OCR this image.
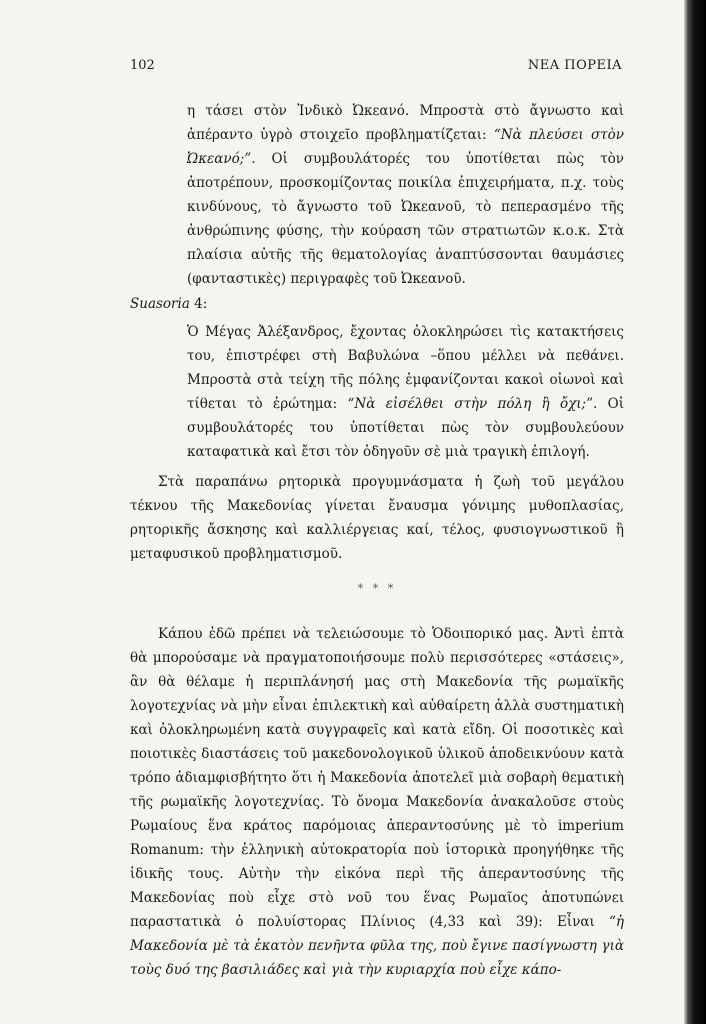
102	ΝΕΑ ΠΟΡΕΙΑ

η τάσει στὸν Ἰνδικὸ Ὠκεανό. Μπροστὰ στὸ ἄγνωστο καὶ ἀπέραντο ὑγρὸ στοιχεῖο προβληματίζεται: “Νὰ πλεύσει στὸν Ὠκεανό;”. Οἱ συμβουλάτορές του ὑποτίθεται πὼς τὸν ἀποτρέπουν, προσκομίζοντας ποικίλα ἐπιχειρήματα, π.χ. τοὺς κινδύνους, τὸ ἄγνωστο τοῦ Ὠκεανοῦ, τὸ πεπερασμένο τῆς ἀνθρώπινης φύσης, τὴν κούραση τῶν στρατιωτῶν κ.ο.κ. Στὰ πλαίσια αὐτῆς τῆς θεματολογίας ἀναπτύσσονται θαυμάσιες (φανταστικὲς) περιγραφὲς τοῦ Ὠκεανοῦ.

Suasoria 4:

Ὁ Μέγας Ἀλέξανδρος, ἔχοντας ὁλοκληρώσει τὶς κατακτήσεις του, ἐπιστρέφει στὴ Βαβυλώνα –ὅπου μέλλει νὰ πεθάνει. Μπροστὰ στὰ τείχη τῆς πόλης ἐμφανίζονται κακοὶ οἰωνοὶ καὶ τίθεται τὸ ἐρώτημα: “Νὰ εἰσέλθει στὴν πόλη ἢ ὄχι;”. Οἱ συμβουλάτορές του ὑποτίθεται πὼς τὸν συμβουλεύουν καταφατικὰ καὶ ἔτσι τὸν ὁδηγοῦν σὲ μιὰ τραγικὴ ἐπιλογή.

Στὰ παραπάνω ρητορικὰ προγυμνάσματα ἡ ζωὴ τοῦ μεγάλου τέκνου τῆς Μακεδονίας γίνεται ἔναυσμα γόνιμης μυθοπλασίας, ρητορικῆς ἄσκησης καὶ καλλιέργειας καί, τέλος, φυσιογνωστικοῦ ἢ μεταφυσικοῦ προβληματισμοῦ.

* * *

Κάπου ἐδῶ πρέπει νὰ τελειώσουμε τὸ Ὁδοιπορικό μας. Ἀντὶ ἑπτὰ θὰ μπορούσαμε νὰ πραγματοποιήσουμε πολὺ περισσότερες «στάσεις», ἂν θὰ θέλαμε ἡ περιπλάνησή μας στὴ Μακεδονία τῆς ρωμαϊκῆς λογοτεχνίας νὰ μὴν εἶναι ἐπιλεκτικὴ καὶ αὐθαίρετη ἀλλὰ συστηματικὴ καὶ ὁλοκληρωμένη κατὰ συγγραφεῖς καὶ κατὰ εἴδη. Οἱ ποσοτικὲς καὶ ποιοτικὲς διαστάσεις τοῦ μακεδονολογικοῦ ὑλικοῦ ἀποδεικνύουν κατὰ τρόπο ἀδιαμφισβήτητο ὅτι ἡ Μακεδονία ἀποτελεῖ μιὰ σοβαρὴ θεματικὴ τῆς ρωμαϊκῆς λογοτεχνίας. Τὸ ὄνομα Μακεδονία ἀνακαλοῦσε στοὺς Ρωμαίους ἕνα κράτος παρόμοιας ἀπεραντοσύνης μὲ τὸ imperium Romanum: τὴν ἑλληνικὴ αὐτοκρατορία ποὺ ἱστορικὰ προηγήθηκε τῆς ἰδικῆς τους. Αὐτὴν τὴν εἰκόνα περὶ τῆς ἀπεραντοσύνης τῆς Μακεδονίας ποὺ εἶχε στὸ νοῦ του ἕνας Ρωμαῖος ἀποτυπώνει παραστατικὰ ὁ πολυίστορας Πλίνιος (4,33 καὶ 39): Εἶναι “ἡ Μακεδονία μὲ τὰ ἑκατὸν πενῆντα φῦλα της, ποὺ ἔγινε πασίγνωστη γιὰ τοὺς δυό της βασιλιάδες καὶ γιὰ τὴν κυριαρχία ποὺ εἶχε κάπο-
